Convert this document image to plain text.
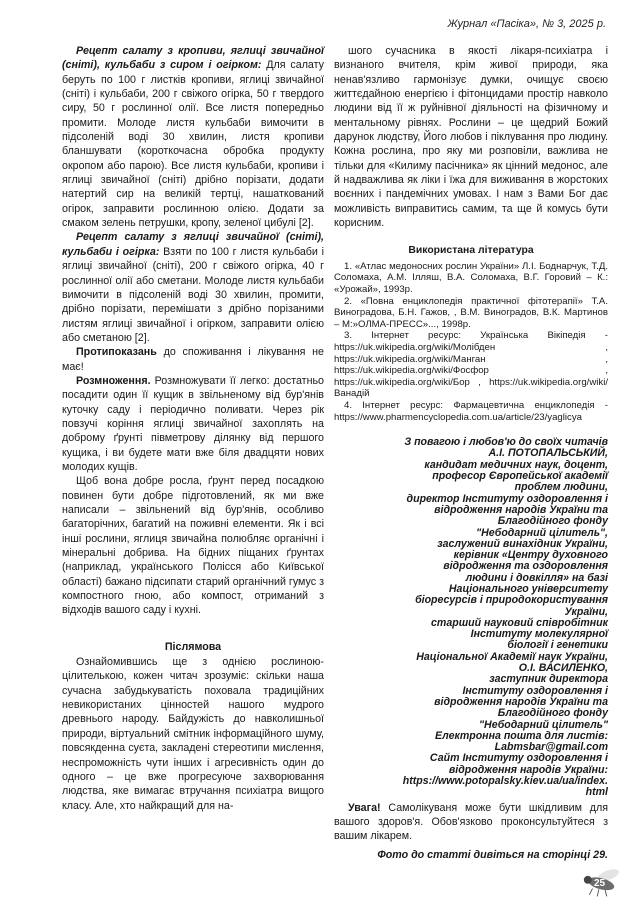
Журнал «Пасіка», № 3, 2025 р.

Рецепт салату з кропиви, яглиці звичайної (сніті), кульбаби з сиром і огірком: Для салату беруть по 100 г листків кропиви, яглиці звичайної (сніті) і кульбаби, 200 г свіжого огірка, 50 г твердого сиру, 50 г рослинної олії. Все листя попередньо промити. Молоде листя кульбаби вимочити в підсоленій воді 30 хвилин, листя кропиви бланшувати (короткочасна обробка продукту окропом або парою). Все листя кульбаби, кропиви і яглиці звичайної (сніті) дрібно порізати, додати натертий сир на великій тертці, нашаткований огірок, заправити рослинною олією. Додати за смаком зелень петрушки, кропу, зеленої цибулі [2].

Рецепт салату з яглиці звичайної (сніті), кульбаби і огірка: Взяти по 100 г листя кульбаби і яглиці звичайної (сніті), 200 г свіжого огірка, 40 г рослинної олії або сметани. Молоде листя кульбаби вимочити в підсоленій воді 30 хвилин, промити, дрібно порізати, перемішати з дрібно порізаними листям яглиці звичайної і огірком, заправити олією або сметаною [2].

Протипоказань до споживання і лікування не має!

Розмноження. Розмножувати її легко: достатньо посадити один її кущик в звільненому від бур'янів куточку саду і періодично поливати. Через рік повзучі коріння яглиці звичайної захоплять на доброму ґрунті півметрову ділянку від першого кущика, і ви будете мати вже біля двадцяти нових молодих кущів.

Щоб вона добре росла, ґрунт перед посадкою повинен бути добре підготовлений, як ми вже написали – звільнений від бур'янів, особливо багаторічних, багатий на поживні елементи. Як і всі інші рослини, яглиця звичайна полюбляє органічні і мінеральні добрива. На бідних піщаних ґрунтах (наприклад, українського Полісся або Київської області) бажано підсипати старий органічний гумус з компостного гною, або компост, отриманий з відходів вашого саду і кухні.

Післямова

Ознайомившись ще з однією рослиною-цілителькою, кожен читач зрозуміє: скільки наша сучасна забудькуватість поховала традиційних невикористаних цінностей нашого мудрого древнього народу. Байдужість до навколишньої природи, віртуальний смітник інформаційного шуму, повсякденна суєта, закладені стереотипи мислення, неспроможність чути інших і агресивність один до одного – це вже прогресуюче захворювання людства, яке вимагає втручання психіатра вищого класу. Але, хто найкращий для на-

шого сучасника в якості лікаря-психіатра і визнаного вчителя, крім живої природи, яка ненав'язливо гармонізує думки, очищує своєю життєдайною енергією і фітонцидами простір навколо людини від її ж руйнівної діяльності на фізичному и ментальному рівнях. Рослини – це щедрий Божий дарунок людству, Його любов і піклування про людину. Кожна рослина, про яку ми розповіли, важлива не тільки для «Килиму пасічника» як цінний медонос, але й надважлива як ліки і їжа для виживання в жорстоких воєнних і пандемічних умовах. І нам з Вами Бог дає можливість виправитись самим, та ще й комусь бути корисним.

Використана література

1. «Атлас медоносних рослин України» Л.І. Боднарчук, Т.Д. Соломаха, А.М. Ілляш, В.А. Соломаха, В.Г. Горовий – К.: «Урожай», 1993р.

2. «Повна енциклопедія практичної фітотерапії» Т.А. Виноградова, Б.Н. Гажов, , В.М. Виноградов, В.К. Мартинов – М:»ОЛМА-ПРЕСС»..., 1998р.

3. Інтернет ресурс: Українська Вікіпедія - https://uk.wikipedia.org/wiki/Молібден , https://uk.wikipedia.org/wiki/Манган , https://uk.wikipedia.org/wiki/Фосфор , https://uk.wikipedia.org/wiki/Бор , https://uk.wikipedia.org/wiki/Ванадій

4. Інтернет ресурс: Фармацевтична енциклопедія - https://www.pharmencyclopedia.com.ua/article/23/yaglicya

З повагою і любов'ю до своїх читачів
А.І. ПОТОПАЛЬСЬКИЙ,
кандидат медичних наук, доцент,
професор Європейської академії
проблем людини,
директор Інституту оздоровлення і
відродження народів України та
Благодійного фонду
"Небодарний цілитель",
заслужений винахідник України,
керівник «Центру духовного
відродження та оздоровлення
людини і довкілля» на базі
Національного університету
біоресурсів і природокористування
України,
старший науковий співробітник
Інституту молекулярної
біології і генетики
Національної Академії наук України,
О.І. ВАСИЛЕНКО,
заступник директора
Інституту оздоровлення і
відродження народів України та
Благодійного фонду
"Небодарний цілитель"
Електронна пошта для листів:
Labmsbar@gmail.com
Сайт Інституту оздоровлення і
відродження народів України:
https://www.potopalsky.kiev.ua/ua/index.
html

Увага! Самолікуваня може бути шкідливим для вашого здоров'я. Обов'язково проконсультуйтеся з вашим лікарем.

Фото до статті дивіться на сторінці 29.

25
